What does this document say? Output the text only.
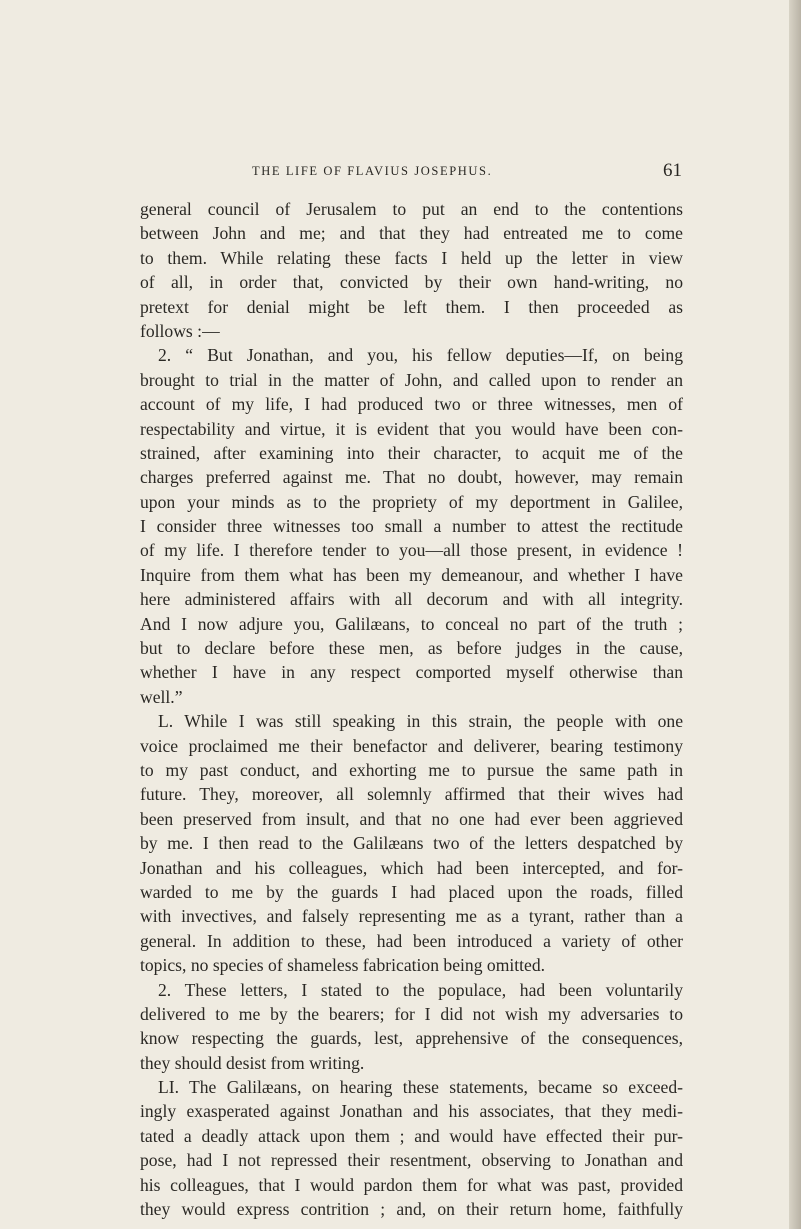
THE LIFE OF FLAVIUS JOSEPHUS.	61
general council of Jerusalem to put an end to the contentions
between John and me; and that they had entreated me to come
to them. While relating these facts I held up the letter in view
of all, in order that, convicted by their own hand-writing, no
pretext for denial might be left them. I then proceeded as
follows :—
2. “ But Jonathan, and you, his fellow deputies—If, on being
brought to trial in the matter of John, and called upon to render an
account of my life, I had produced two or three witnesses, men of
respectability and virtue, it is evident that you would have been con-
strained, after examining into their character, to acquit me of the
charges preferred against me. That no doubt, however, may remain
upon your minds as to the propriety of my deportment in Galilee,
I consider three witnesses too small a number to attest the rectitude
of my life. I therefore tender to you—all those present, in evidence !
Inquire from them what has been my demeanour, and whether I have
here administered affairs with all decorum and with all integrity.
And I now adjure you, Galilæans, to conceal no part of the truth ;
but to declare before these men, as before judges in the cause,
whether I have in any respect comported myself otherwise than
well.”
L. While I was still speaking in this strain, the people with one
voice proclaimed me their benefactor and deliverer, bearing testimony
to my past conduct, and exhorting me to pursue the same path in
future. They, moreover, all solemnly affirmed that their wives had
been preserved from insult, and that no one had ever been aggrieved
by me. I then read to the Galilæans two of the letters despatched by
Jonathan and his colleagues, which had been intercepted, and for-
warded to me by the guards I had placed upon the roads, filled
with invectives, and falsely representing me as a tyrant, rather than a
general. In addition to these, had been introduced a variety of other
topics, no species of shameless fabrication being omitted.
2. These letters, I stated to the populace, had been voluntarily
delivered to me by the bearers; for I did not wish my adversaries to
know respecting the guards, lest, apprehensive of the consequences,
they should desist from writing.
LI. The Galilæans, on hearing these statements, became so exceed-
ingly exasperated against Jonathan and his associates, that they medi-
tated a deadly attack upon them ; and would have effected their pur-
pose, had I not repressed their resentment, observing to Jonathan and
his colleagues, that I would pardon them for what was past, provided
they would express contrition ; and, on their return home, faithfully
